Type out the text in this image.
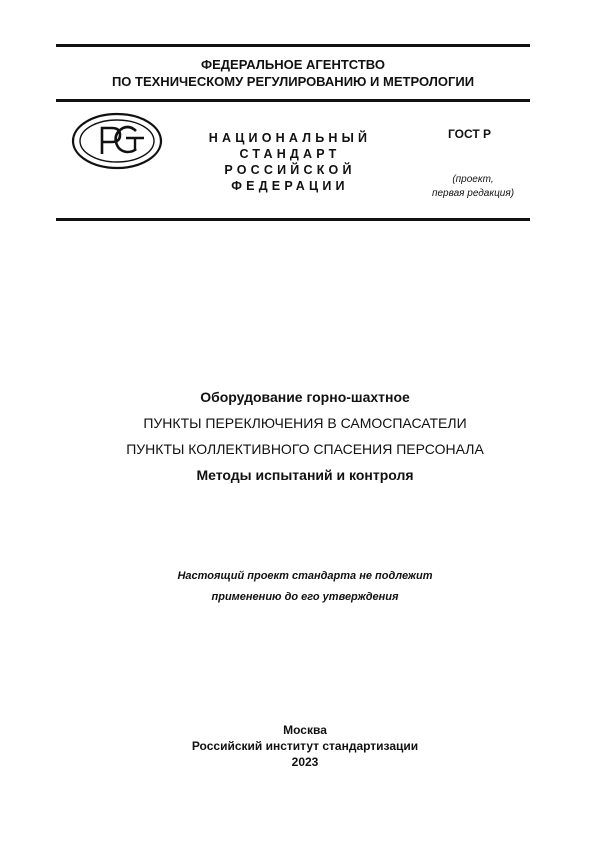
ФЕДЕРАЛЬНОЕ АГЕНТСТВО
ПО ТЕХНИЧЕСКОМУ РЕГУЛИРОВАНИЮ И МЕТРОЛОГИИ
НАЦИОНАЛЬНЫЙ
СТАНДАРТ
РОССИЙСКОЙ
ФЕДЕРАЦИИ
ГОСТ Р
(проект,
первая редакция)
Оборудование горно-шахтное
ПУНКТЫ ПЕРЕКЛЮЧЕНИЯ В САМОСПАСАТЕЛИ
ПУНКТЫ КОЛЛЕКТИВНОГО СПАСЕНИЯ ПЕРСОНАЛА
Методы испытаний и контроля
Настоящий проект стандарта не подлежит
применению до его утверждения
Москва
Российский институт стандартизации
2023
